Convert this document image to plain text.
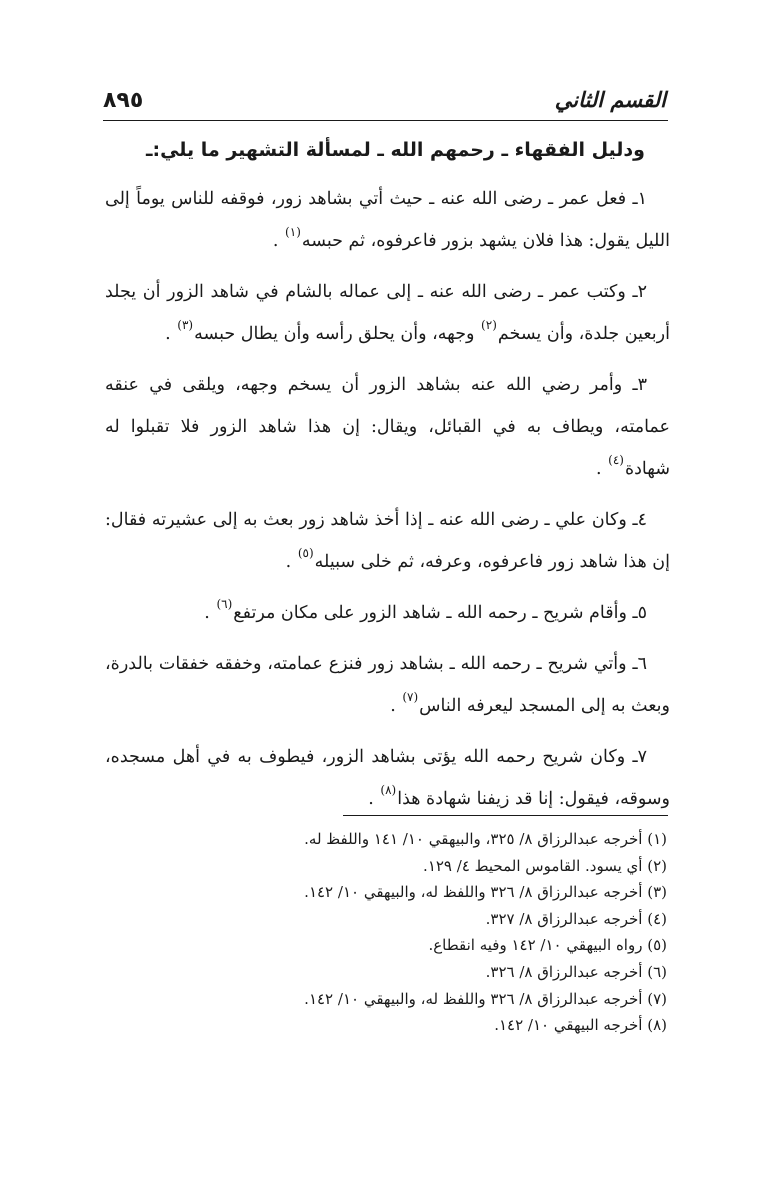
القسم الثاني
٨٩٥
ودليل الفقهاء ـ رحمهم الله ـ لمسألة التشهير ما يلي:ـ

١ـ فعل عمر ـ رضى الله عنه ـ حيث أتي بشاهد زور، فوقفه للناس يوماً إلى الليل يقول: هذا فلان يشهد بزور فاعرفوه، ثم حبسه$^{(١)}$ .

٢ـ وكتب عمر ـ رضى الله عنه ـ إلى عماله بالشام في شاهد الزور أن يجلد أربعين جلدة، وأن يسخم$^{(٢)}$ وجهه، وأن يحلق رأسه وأن يطال حبسه$^{(٣)}$ .

٣ـ وأمر رضي الله عنه بشاهد الزور أن يسخم وجهه، ويلقى في عنقه عمامته، ويطاف به في القبائل، ويقال: إن هذا شاهد الزور فلا تقبلوا له شهادة$^{(٤)}$ .

٤ـ وكان علي ـ رضى الله عنه ـ إذا أخذ شاهد زور بعث به إلى عشيرته فقال: إن هذا شاهد زور فاعرفوه، وعرفه، ثم خلى سبيله$^{(٥)}$ .

٥ـ وأقام شريح ـ رحمه الله ـ شاهد الزور على مكان مرتفع$^{(٦)}$ .

٦ـ وأتي شريح ـ رحمه الله ـ بشاهد زور فنزع عمامته، وخفقه خفقات بالدرة، وبعث به إلى المسجد ليعرفه الناس$^{(٧)}$ .

٧ـ وكان شريح رحمه الله يؤتى بشاهد الزور، فيطوف به في أهل مسجده، وسوقه، فيقول: إنا قد زيفنا شهادة هذا$^{(٨)}$ .

(١) أخرجه عبدالرزاق ٨/ ٣٢٥، والبيهقي ١٠/ ١٤١ واللفظ له.
(٢) أي يسود. القاموس المحيط ٤/ ١٢٩.
(٣) أخرجه عبدالرزاق ٨/ ٣٢٦ واللفظ له، والبيهقي ١٠/ ١٤٢.
(٤) أخرجه عبدالرزاق ٨/ ٣٢٧.
(٥) رواه البيهقي ١٠/ ١٤٢ وفيه انقطاع.
(٦) أخرجه عبدالرزاق ٨/ ٣٢٦.
(٧) أخرجه عبدالرزاق ٨/ ٣٢٦ واللفظ له، والبيهقي ١٠/ ١٤٢.
(٨) أخرجه البيهقي ١٠/ ١٤٢.
